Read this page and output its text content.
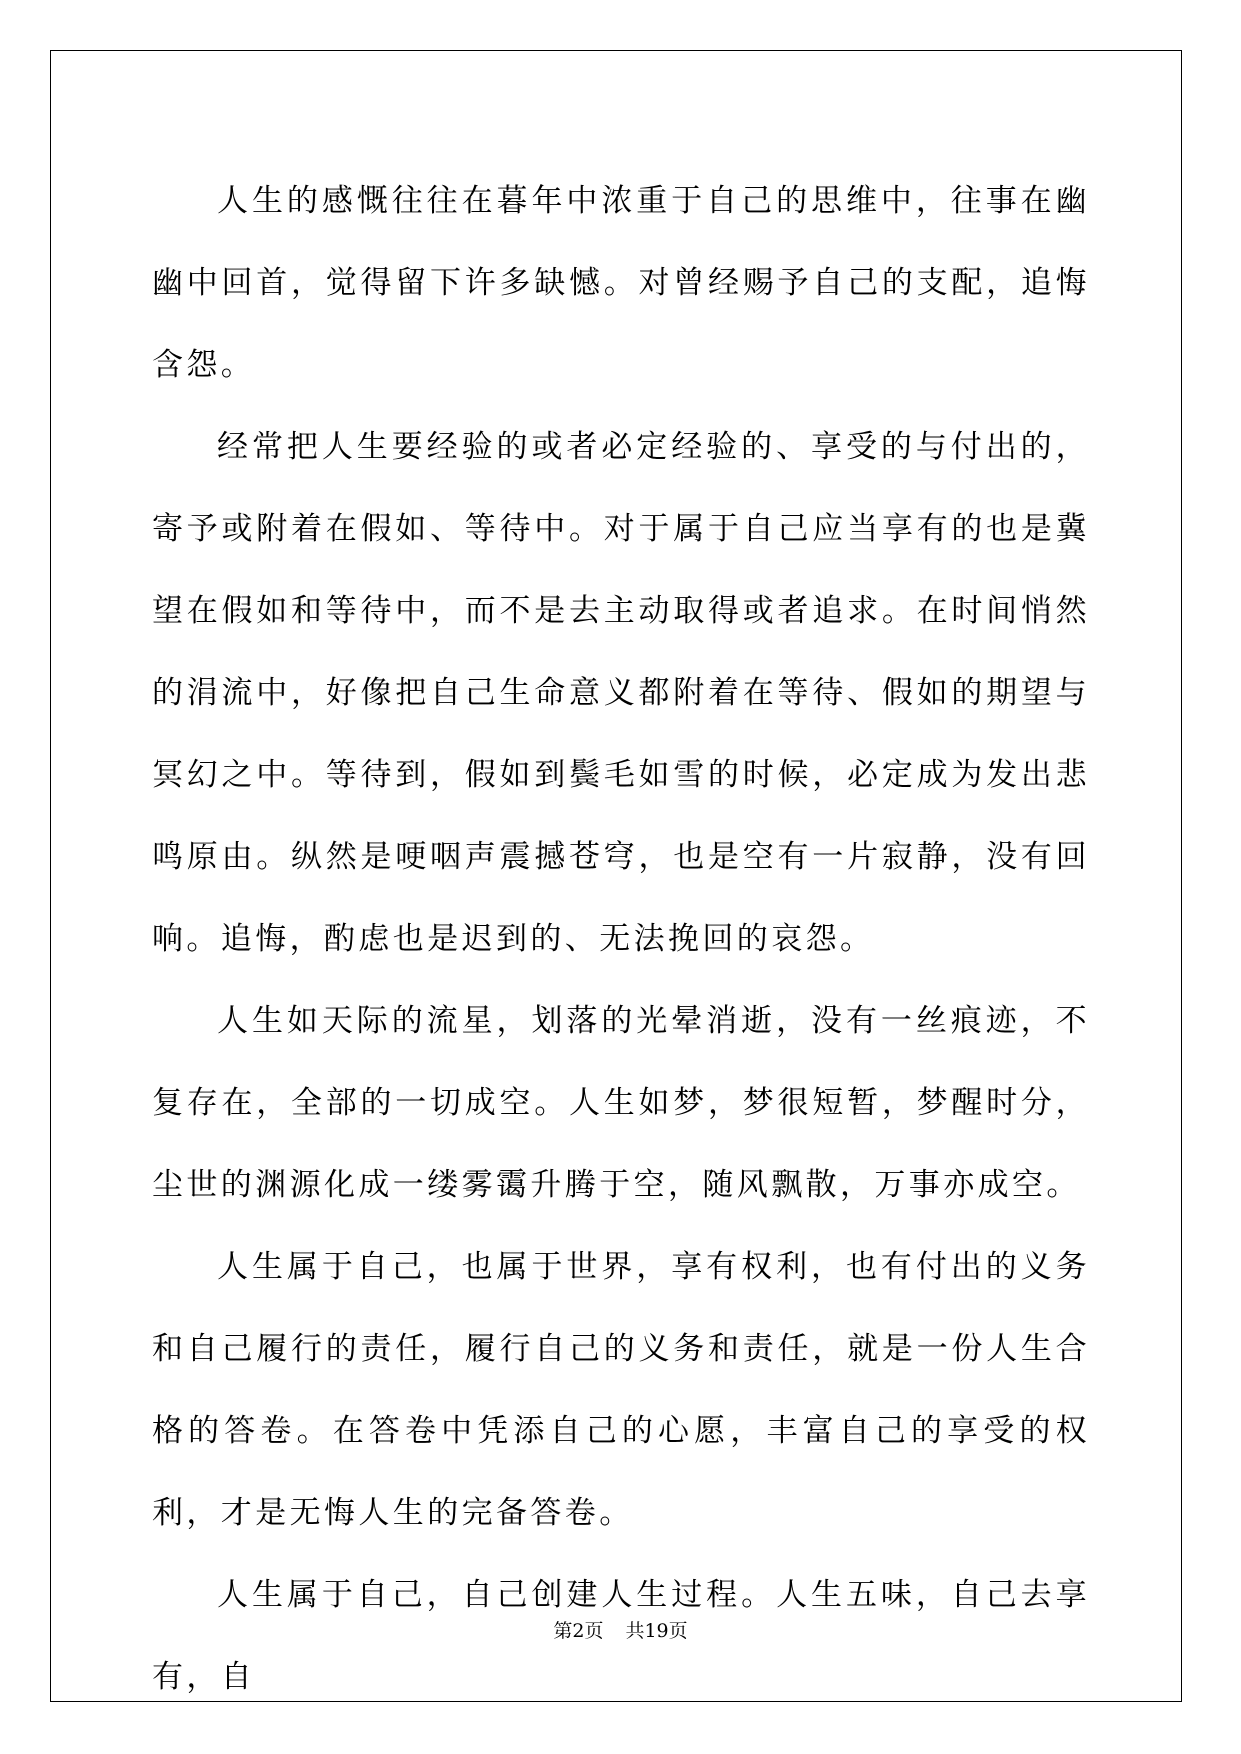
人生的感慨往往在暮年中浓重于自己的思维中，往事在幽幽中回首，觉得留下许多缺憾。对曾经赐予自己的支配，追悔含怨。

经常把人生要经验的或者必定经验的、享受的与付出的，寄予或附着在假如、等待中。对于属于自己应当享有的也是冀望在假如和等待中，而不是去主动取得或者追求。在时间悄然的涓流中，好像把自己生命意义都附着在等待、假如的期望与冥幻之中。等待到，假如到鬓毛如雪的时候，必定成为发出悲鸣原由。纵然是哽咽声震撼苍穹，也是空有一片寂静，没有回响。追悔，酌虑也是迟到的、无法挽回的哀怨。

人生如天际的流星，划落的光晕消逝，没有一丝痕迹，不复存在，全部的一切成空。人生如梦，梦很短暂，梦醒时分，尘世的渊源化成一缕雾霭升腾于空，随风飘散，万事亦成空。

人生属于自己，也属于世界，享有权利，也有付出的义务和自己履行的责任，履行自己的义务和责任，就是一份人生合格的答卷。在答卷中凭添自己的心愿，丰富自己的享受的权利，才是无悔人生的完备答卷。

人生属于自己，自己创建人生过程。人生五味，自己去享有，自

第2页 共19页
